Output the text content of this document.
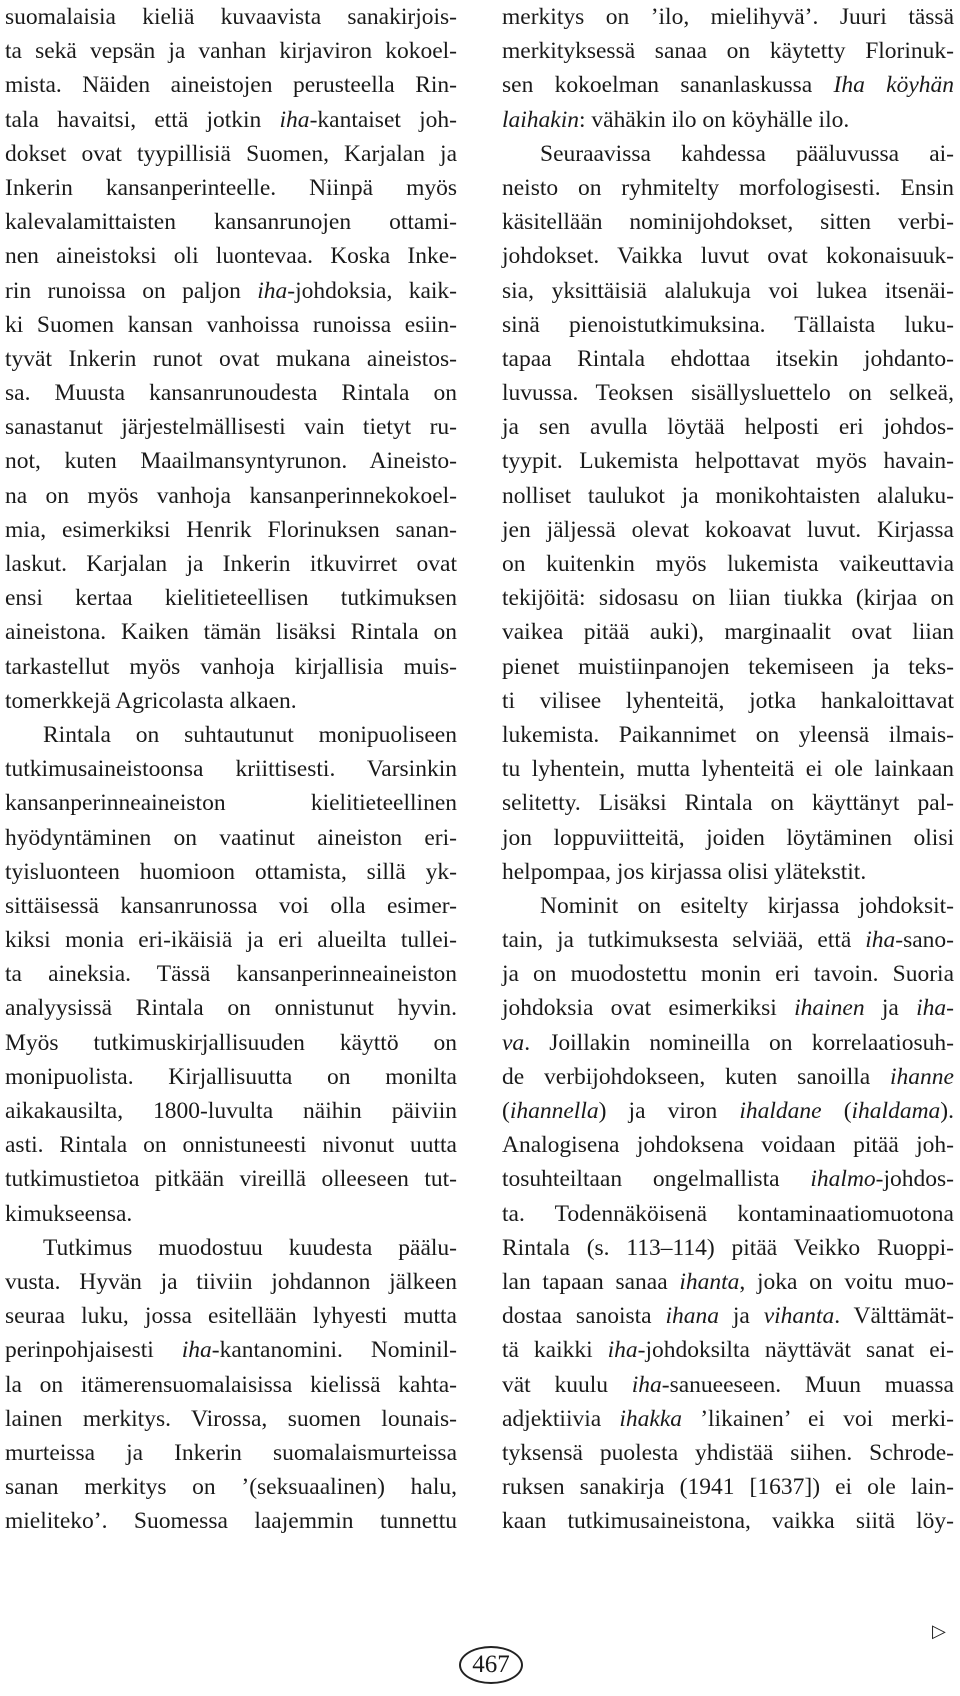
suomalaisia kieliä kuvaavista sanakirjois-
ta sekä vepsän ja vanhan kirjaviron kokoel-
mista. Näiden aineistojen perusteella Rin-
tala havaitsi, että jotkin iha-kantaiset joh-
dokset ovat tyypillisiä Suomen, Karjalan ja
Inkerin kansanperinteelle. Niinpä myös
kalevalamittaisten kansanrunojen ottami-
nen aineistoksi oli luontevaa. Koska Inke-
rin runoissa on paljon iha-johdoksia, kaik-
ki Suomen kansan vanhoissa runoissa esiin-
tyvät Inkerin runot ovat mukana aineistos-
sa. Muusta kansanrunoudesta Rintala on
sanastanut järjestelmällisesti vain tietyt ru-
not, kuten Maailmansyntyrunon. Aineisto-
na on myös vanhoja kansanperinnekokoel-
mia, esimerkiksi Henrik Florinuksen sanan-
laskut. Karjalan ja Inkerin itkuvirret ovat
ensi kertaa kielitieteellisen tutkimuksen
aineistona. Kaiken tämän lisäksi Rintala on
tarkastellut myös vanhoja kirjallisia muis-
tomerkkejä Agricolasta alkaen.
Rintala on suhtautunut monipuoliseen
tutkimusaineistoonsa kriittisesti. Varsinkin
kansanperinneaineiston kielitieteellinen
hyödyntäminen on vaatinut aineiston eri-
tyisluonteen huomioon ottamista, sillä yk-
sittäisessä kansanrunossa voi olla esimer-
kiksi monia eri-ikäisiä ja eri alueilta tullei-
ta aineksia. Tässä kansanperinneaineiston
analyysissä Rintala on onnistunut hyvin.
Myös tutkimuskirjallisuuden käyttö on
monipuolista. Kirjallisuutta on monilta
aikakausilta, 1800-luvulta näihin päiviin
asti. Rintala on onnistuneesti nivonut uutta
tutkimustietoa pitkään vireillä olleeseen tut-
kimukseensa.
Tutkimus muodostuu kuudesta päälu-
vusta. Hyvän ja tiiviin johdannon jälkeen
seuraa luku, jossa esitellään lyhyesti mutta
perinpohjaisesti iha-kantanomini. Nominil-
la on itämerensuomalaisissa kielissä kahta-
lainen merkitys. Virossa, suomen lounais-
murteissa ja Inkerin suomalaismurteissa
sanan merkitys on ’(seksuaalinen) halu,
mieliteko’. Suomessa laajemmin tunnettu
merkitys on ’ilo, mielihyvä’. Juuri tässä
merkityksessä sanaa on käytetty Florinuk-
sen kokoelman sananlaskussa Iha köyhän
laihakin: vähäkin ilo on köyhälle ilo.
Seuraavissa kahdessa pääluvussa ai-
neisto on ryhmitelty morfologisesti. Ensin
käsitellään nominijohdokset, sitten verbi-
johdokset. Vaikka luvut ovat kokonaisuuk-
sia, yksittäisiä alalukuja voi lukea itsenäi-
sinä pienoistutkimuksina. Tällaista luku-
tapaa Rintala ehdottaa itsekin johdanto-
luvussa. Teoksen sisällysluettelo on selkeä,
ja sen avulla löytää helposti eri johdos-
tyypit. Lukemista helpottavat myös havain-
nolliset taulukot ja monikohtaisten alaluku-
jen jäljessä olevat kokoavat luvut. Kirjassa
on kuitenkin myös lukemista vaikeuttavia
tekijöitä: sidosasu on liian tiukka (kirjaa on
vaikea pitää auki), marginaalit ovat liian
pienet muistiinpanojen tekemiseen ja teks-
ti vilisee lyhenteitä, jotka hankaloittavat
lukemista. Paikannimet on yleensä ilmais-
tu lyhentein, mutta lyhenteitä ei ole lainkaan
selitetty. Lisäksi Rintala on käyttänyt pal-
jon loppuviitteitä, joiden löytäminen olisi
helpompaa, jos kirjassa olisi ylätekstit.
Nominit on esitelty kirjassa johdoksit-
tain, ja tutkimuksesta selviää, että iha-sano-
ja on muodostettu monin eri tavoin. Suoria
johdoksia ovat esimerkiksi ihainen ja iha-
va. Joillakin nomineilla on korrelaatiosuh-
de verbijohdokseen, kuten sanoilla ihanne
(ihannella) ja viron ihaldane (ihaldama).
Analogisena johdoksena voidaan pitää joh-
tosuhteiltaan ongelmallista ihalmo-johdos-
ta. Todennäköisenä kontaminaatiomuotona
Rintala (s. 113–114) pitää Veikko Ruoppi-
lan tapaan sanaa ihanta, joka on voitu muo-
dostaa sanoista ihana ja vihanta. Välttämät-
tä kaikki iha-johdoksilta näyttävät sanat ei-
vät kuulu iha-sanueeseen. Muun muassa
adjektiivia ihakka ’likainen’ ei voi merki-
tyksensä puolesta yhdistää siihen. Schrode-
ruksen sanakirja (1941 [1637]) ei ole lain-
kaan tutkimusaineistona, vaikka siitä löy-
▷
467
